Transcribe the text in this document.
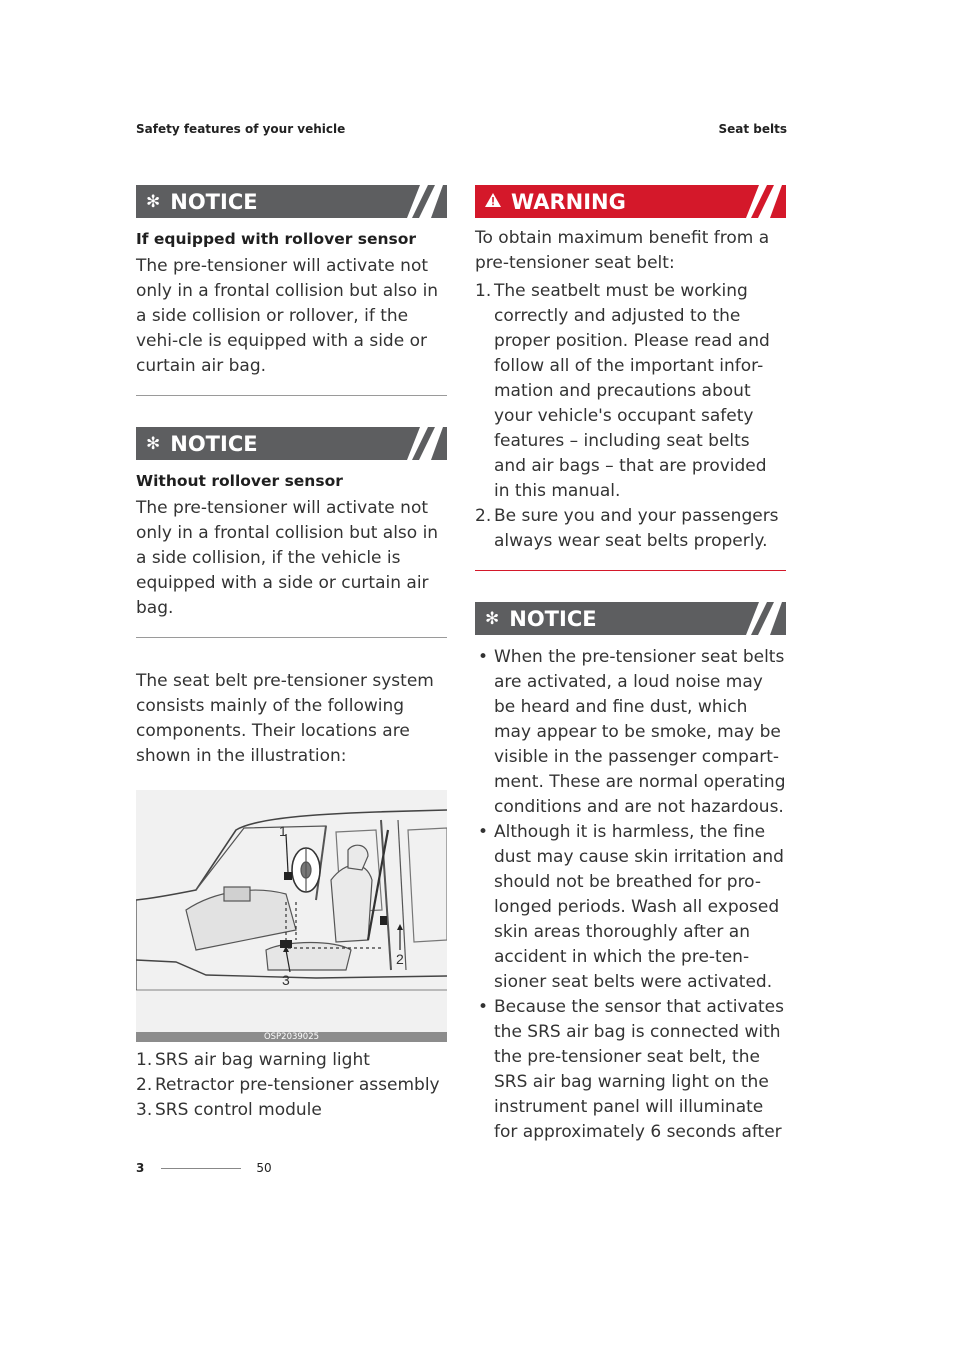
Safety features of your vehicle	Seat belts
✻ NOTICE
If equipped with rollover sensor
The pre-tensioner will activate not only in a frontal collision but also in a side collision or rollover, if the vehi-cle is equipped with a side or curtain air bag.
✻ NOTICE
Without rollover sensor
The pre-tensioner will activate not only in a frontal collision but also in a side collision, if the vehicle is equipped with a side or curtain air bag.
The seat belt pre-tensioner system consists mainly of the following components. Their locations are shown in the illustration:
1
2
3
OSP2039025
1. SRS air bag warning light
2. Retractor pre-tensioner assembly
3. SRS control module
WARNING
To obtain maximum benefit from a pre-tensioner seat belt:
1. The seatbelt must be working correctly and adjusted to the proper position. Please read and follow all of the important infor-mation and precautions about your vehicle's occupant safety features – including seat belts and air bags – that are provided in this manual.
2. Be sure you and your passengers always wear seat belts properly.
✻ NOTICE
• When the pre-tensioner seat belts are activated, a loud noise may be heard and fine dust, which may appear to be smoke, may be visible in the passenger compart-ment. These are normal operating conditions and are not hazardous.
• Although it is harmless, the fine dust may cause skin irritation and should not be breathed for pro-longed periods. Wash all exposed skin areas thoroughly after an accident in which the pre-ten-sioner seat belts were activated.
• Because the sensor that activates the SRS air bag is connected with the pre-tensioner seat belt, the SRS air bag warning light on the instrument panel will illuminate for approximately 6 seconds after
3	50
